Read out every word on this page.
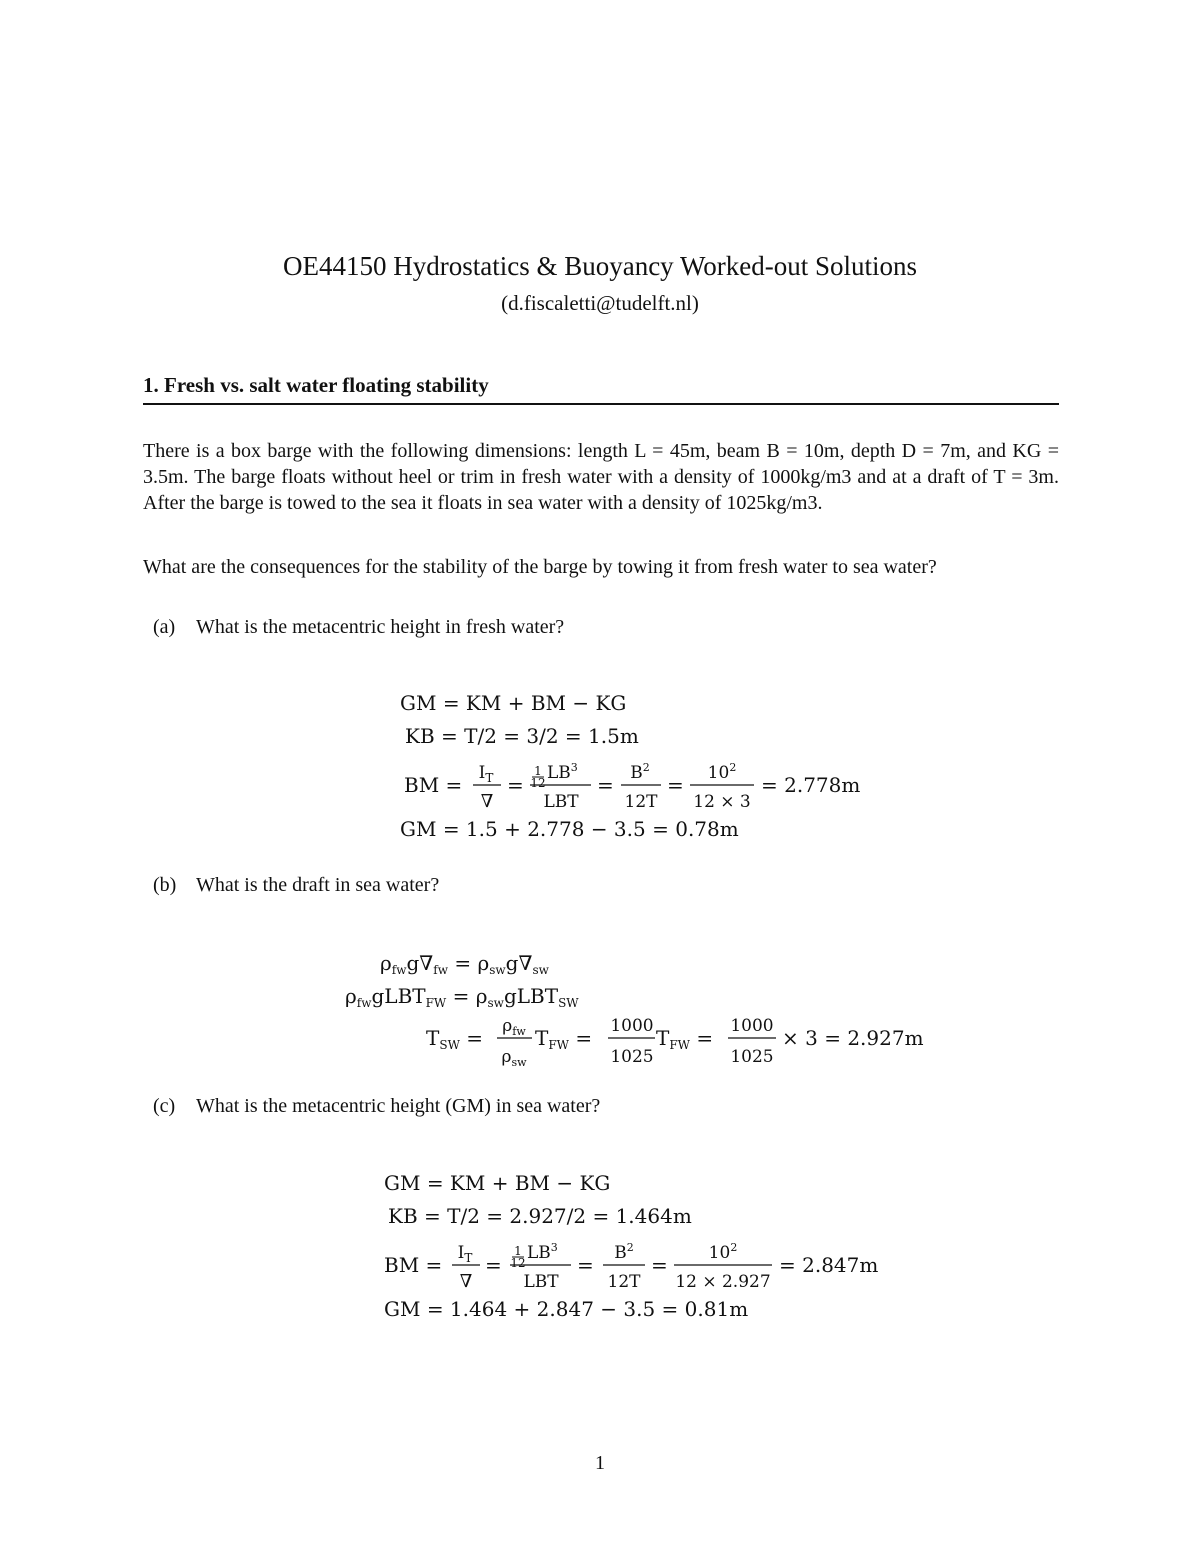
OE44150 Hydrostatics & Buoyancy Worked-out Solutions
(d.fiscaletti@tudelft.nl)
1. Fresh vs. salt water floating stability
There is a box barge with the following dimensions: length L = 45m, beam B = 10m, depth D = 7m, and KG = 3.5m. The barge floats without heel or trim in fresh water with a density of 1000kg/m3 and at a draft of T = 3m. After the barge is towed to the sea it floats in sea water with a density of 1025kg/m3.
What are the consequences for the stability of the barge by towing it from fresh water to sea water?
(a) What is the metacentric height in fresh water?
(b) What is the draft in sea water?
(c) What is the metacentric height (GM) in sea water?
GM = KM + BM − KG
KB = T/2 = 3/2 = 1.5m
BM = $I_T$
∇
=
1
12 $LB^3$
LBT
= $B^2$
12T
= $10^2$
12 × 3
= 2.778m
GM = 1.5 + 2.778 − 3.5 = 0.78m
$\rho_{fw}g\nabla_{fw} = \rho_{sw}g\nabla_{sw}$
$\rho_{fw}gLBT_{FW}$ = $\rho_{sw}gLBT_{SW}$
$T_{SW} = \rho_{fw}$
$\rho_{sw}$
$T_{FW} = 1000$
1025
$T_{FW} = 1000$
1025
× 3 = 2.927m
GM = KM + BM − KG
KB = T/2 = 2.927/2 = 1.464m
BM = $I_T$
∇
=
1
12 $LB^3$
LBT
= $B^2$
12T
= $10^2$
12 × 2.927
= 2.847m
GM = 1.464 + 2.847 − 3.5 = 0.81m
1
